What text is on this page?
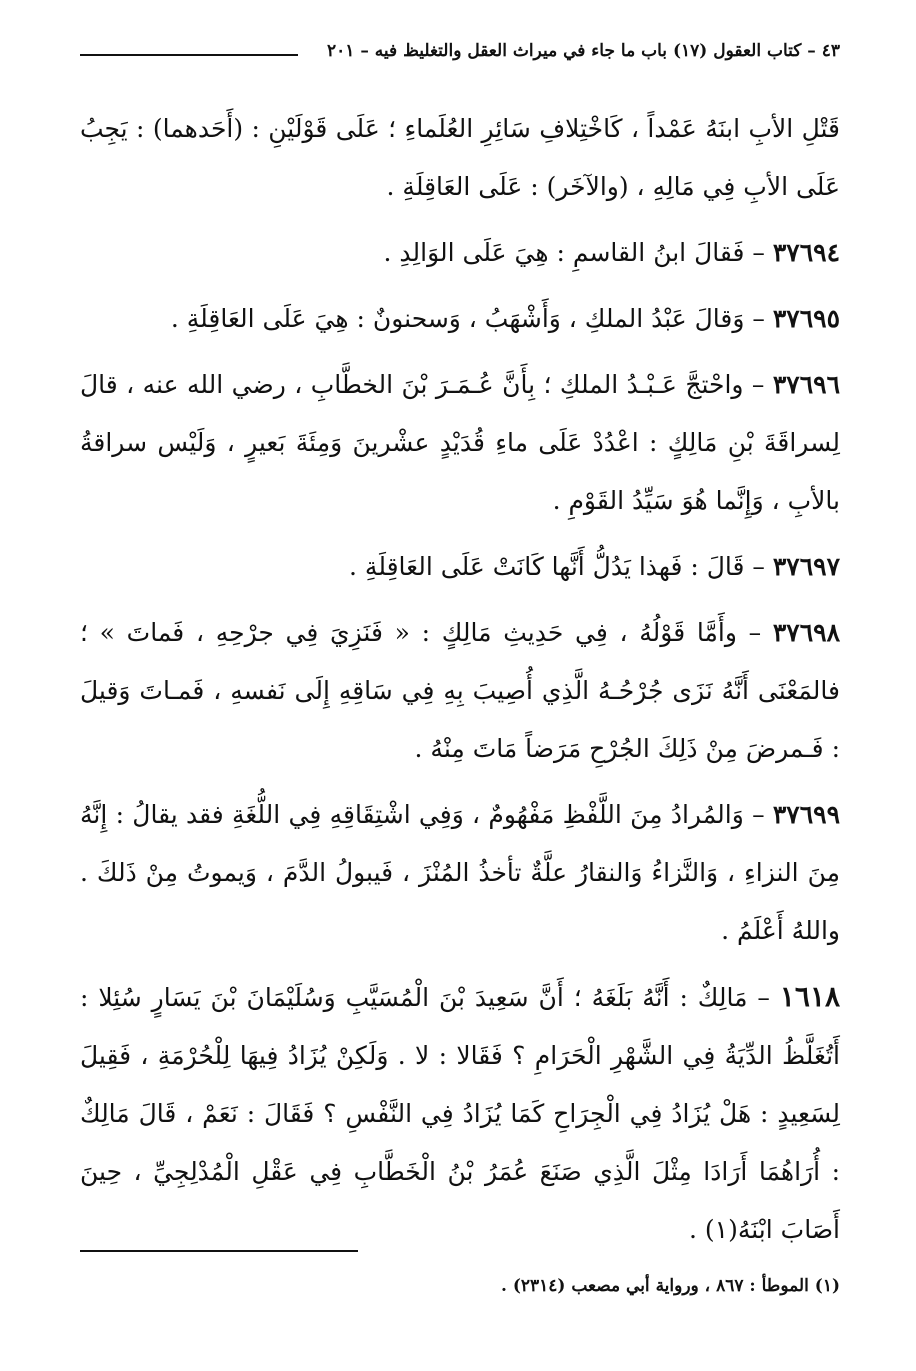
٤٣ – كتاب العقول (١٧) باب ما جاء في ميراث العقل والتغليظ فيه – ٢٠١

قَتْلِ الأبِ ابنَهُ عَمْداً ، كَاخْتِلافِ سَائِرِ العُلَماءِ ؛ عَلَى قَوْلَيْنِ : (أَحَدهما) : يَجِبُ عَلَى الأبِ فِي مَالِهِ ، (والآخَر) : عَلَى العَاقِلَةِ .

٣٧٦٩٤ – فَقالَ ابنُ القاسمِ : هِيَ عَلَى الوَالِدِ .

٣٧٦٩٥ – وَقالَ عَبْدُ الملكِ ، وَأَشْهَبُ ، وَسحنونٌ : هِيَ عَلَى العَاقِلَةِ .

٣٧٦٩٦ – واحْتجَّ عَـبْـدُ الملكِ ؛ بِأَنَّ عُـمَـرَ بْنَ الخطَّابِ ، رضي الله عنه ، قالَ لِسراقَةَ بْنِ مَالِكٍ : اعْدُدْ عَلَى ماءِ قُدَيْدٍ عشْرينَ وَمِئَةَ بَعيرٍ ، وَلَيْس سراقةُ بالأبِ ، وَإِنَّما هُوَ سَيِّدُ القَوْمِ .

٣٧٦٩٧ – قَالَ : فَهذا يَدُلُّ أَنَّها كَانَتْ عَلَى العَاقِلَةِ .

٣٧٦٩٨ – وأَمَّا قَوْلُهُ ، فِي حَدِيثِ مَالِكٍ : « فَنَزِيَ فِي جرْحِهِ ، فَماتَ » ؛ فالمَعْنَى أَنَّهُ نَزَى جُرْحُـهُ الَّذِي أُصِيبَ بِهِ فِي سَاقِهِ إِلَى نَفسهِ ، فَمـاتَ وَقيلَ : فَـمرضَ مِنْ ذَلِكَ الجُرْحِ مَرَضاً مَاتَ مِنْهُ .

٣٧٦٩٩ – وَالمُرادُ مِنَ اللَّفْظِ مَفْهُومٌ ، وَفِي اشْتِقَاقِهِ فِي اللُّغَةِ فقد يقالُ : إِنَّهُ مِنَ النزاءِ ، وَالنَّزاءُ وَالنقارُ علَّةٌ تأخذُ المُنْزَ ، فَيبولُ الدَّمَ ، وَيموتُ مِنْ ذَلكَ . واللهُ أَعْلَمُ .

١٦١٨ – مَالِكٌ : أَنَّهُ بَلَغَهُ ؛ أَنَّ سَعِيدَ بْنَ الْمُسَيَّبِ وَسُلَيْمَانَ بْنَ يَسَارٍ سُئِلا : أَتُغَلَّظُ الدِّيَةُ فِي الشَّهْرِ الْحَرَامِ ؟ فَقَالا : لا . وَلَكِنْ يُزَادُ فِيهَا لِلْحُرْمَةِ ، فَقِيلَ لِسَعِيدٍ : هَلْ يُزَادُ فِي الْجِرَاحِ كَمَا يُزَادُ فِي النَّفْسِ ؟ فَقَالَ : نَعَمْ ، قَالَ مَالِكٌ : أُرَاهُمَا أَرَادَا مِثْلَ الَّذِي صَنَعَ عُمَرُ بْنُ الْخَطَّابِ فِي عَقْلِ الْمُدْلِجِيِّ ، حِينَ أَصَابَ ابْنَهُ(١) .

(١) الموطأ : ٨٦٧ ، ورواية أبي مصعب (٢٣١٤) .
